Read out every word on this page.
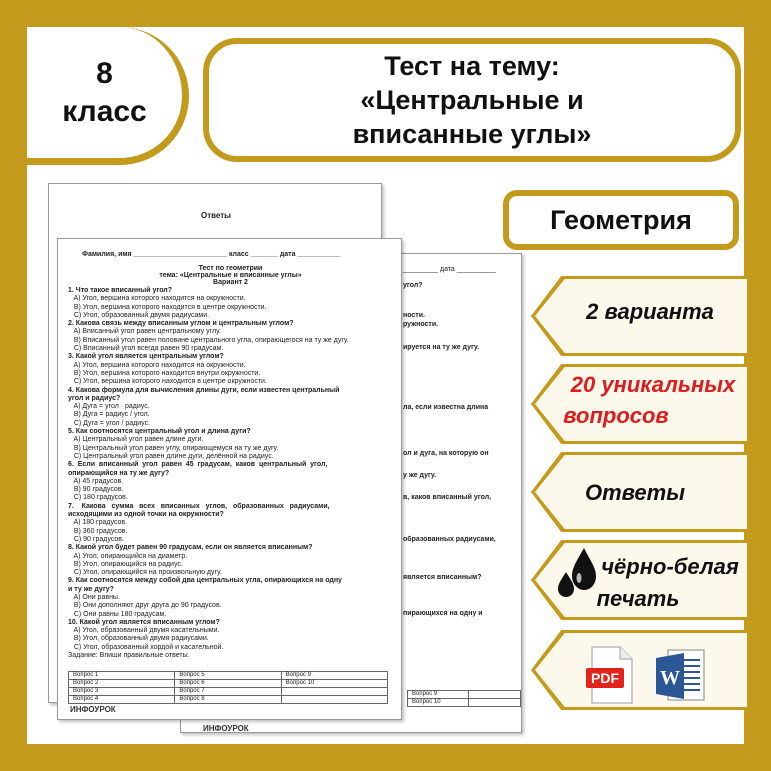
8
класс
Тест на тему:
«Центральные и
вписанные углы»
Геометрия
Ответы
_________ дата __________
угол?
ности.
ружности.
ируется на ту же дугу.
ла, если известна длина
ол и дуга, на которую он
у же дугу.
в, каков вписанный угол,
образованных радиусами,
является вписанным?
пирающихся на одну и
Вопрос 9	
Вопрос 10	
ИНФОУРОК
Фамилия, имя ________________________ класс _______ дата ___________
Тест по геометрии
тема: «Центральные и вписанные углы»
Вариант 2
1. Что такое вписанный угол?
A) Угол, вершина которого находится на окружности.
B) Угол, вершина которого находится в центре окружности.
C) Угол, образованный двумя радиусами.
2. Какова связь между вписанным углом и центральным углом?
A) Вписанный угол равен центральному углу.
B) Вписанный угол равен половине центрального угла, опирающегося на ту же дугу.
C) Вписанный угол всегда равен 90 градусам.
3. Какой угол является центральным углом?
A) Угол, вершина которого находится на окружности.
B) Угол, вершина которого находится внутри окружности.
C) Угол, вершина которого находится в центре окружности.
4. Какова формула для вычисления длины дуги, если известен центральный
угол и радиус?
A) Дуга = угол · радиус.
B) Дуга = радиус / угол.
C) Дуга = угол / радиус.
5. Как соотносятся центральный угол и длина дуги?
A) Центральный угол равен длине дуги.
B) Центральный угол равен углу, опирающемуся на ту же дугу.
C) Центральный угол равен длине дуги, делённой на радиус.
6.  Если  вписанный  угол  равен  45  градусам,  каков  центральный  угол,
опирающийся на ту же дугу?
A) 45 градусов.
B) 90 градусов.
C) 180 градусов.
7.    Какова   сумма   всех   вписанных   углов,   образованных   радиусами,
исходящими из одной точки на окружности?
A) 180 градусов.
B) 360 градусов.
C) 90 градусов.
8. Какой угол будет равен 90 градусам, если он является вписанным?
A) Угол, опирающийся на диаметр.
B) Угол, опирающийся на радиус.
C) Угол, опирающийся на произвольную дугу.
9. Как соотносятся между собой два центральных угла, опирающихся на одну
и ту же дугу?
A) Они равны.
B) Они дополняют друг друга до 90 градусов.
C) Они равны 180 градусам.
10. Какой угол является вписанным углом?
A) Угол, образованный двумя касательными.
B) Угол, образованный двумя радиусами.
C) Угол, образованный хордой и касательной.
Задание: Впиши правильные ответы.
Вопрос 1	Вопрос 5	Вопрос 9
Вопрос 2	Вопрос 6	Вопрос 10
Вопрос 3	Вопрос 7	
Вопрос 4	Вопрос 8	
ИНФОУРОК
2 варианта
20 уникальных
вопросов
Ответы
чёрно-белая
печать
PDF W
